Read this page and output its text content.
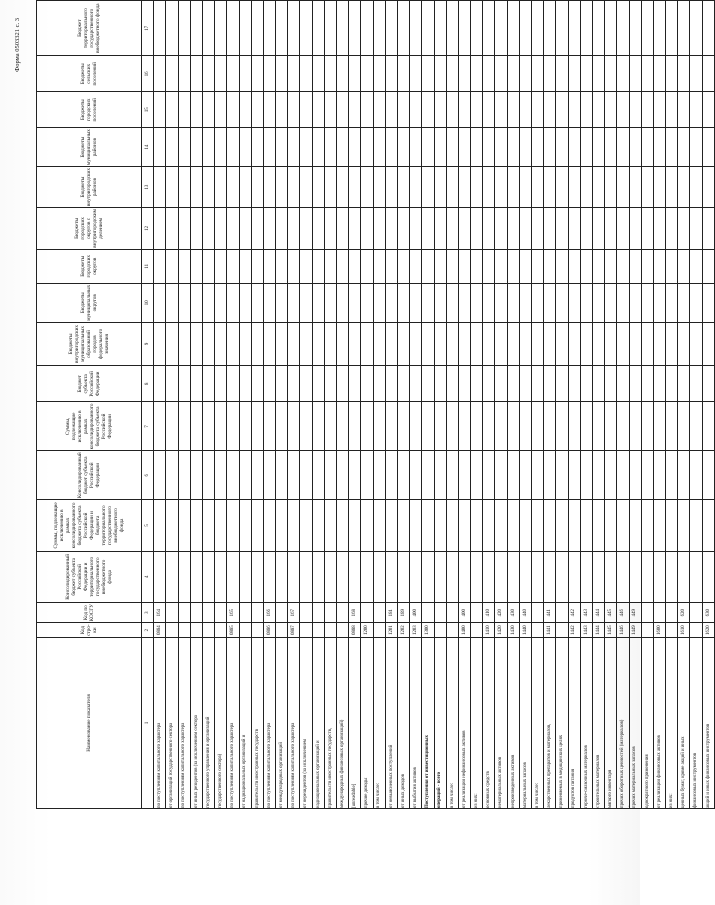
Форма 0503321 с. 3
Наименование показателя	Код стро-ки	Код по КОСГУ	Консолидированный бюджет субъекта Российской Федерации и территориального государственного внебюджетного фонда	Суммы, подлежащие исключению в рамках консолидированного бюджета субъекта Российской Федерации и бюджета территориального государственного внебюджетного фонда	Консолидированный бюджет субъекта Российской Федерации	Суммы, подлежащие исключению в рамках консолидированного бюджета субъекта Российской Федерации	Бюджет субъекта Российской Федерации	Бюджеты внутригородских муниципальных образований городов федерального значения	Бюджеты муниципальных округов	Бюджеты городских округов	Бюджеты городских округов с внутригородским делением	Бюджеты внутригородских районов	Бюджеты муниципальных районов	Бюджеты городских поселений	Бюджеты сельских поселений	Бюджет территориального государственного внебюджетного фонда
1	2	3	4	5	6	7	8	9	10	11	12	13	14	15	16	17
по поступлениям капитального характера	0884	164														
от организаций государственного сектора																
по поступлениям капитального характера																
от иных резидентов (за исключением сектора																
государственного управления и организаций																
государственного сектора)																
по поступлениям капитального характера	0885	165														
от наднациональных организаций и																
правительств иностранных государств																
по поступлениям капитального характера	0886	166														
от международных организаций																
по поступлениям капитального характера	0887	167														
от нерезидентов (за исключением																
наднациональных организаций и																
правительств иностранных государств,																
международных финансовых организаций)																
[unreadable]	0888	168														
прочие доходы	1200															
в том числе:																
от невыясненных поступлений	1201	181														
от иных доходов	1202	189														
от выбытия активов	1203	400														
Поступления от инвестиционных	1300															
операций - всего																
в том числе:																
от реализации нефинансовых активов	1400	400														
из них:																
основных средств	1410	410														
нематериальных активов	1420	420														
непроизведенных активов	1430	430														
материальных запасов	1440	440														
в том числе:																
лекарственных препаратов и материалов,	1441	441														
применяемых в медицинских целях																
продуктов питания	1442	442														
горюче-смазочных материалов	1443	443														
строительных материалов	1444	444														
мягкого инвентаря	1445	445														
прочих оборотных ценностей (материалов)	1446	446														
прочих материальных запасов	1449	449														
однократного применения																
от реализации финансовых активов	1600															
из них:																
ценных бумаг, кроме акций и иных	1610	620														
финансовых инструментов																
акций и иных финансовых инструментов	1620	630														
·
